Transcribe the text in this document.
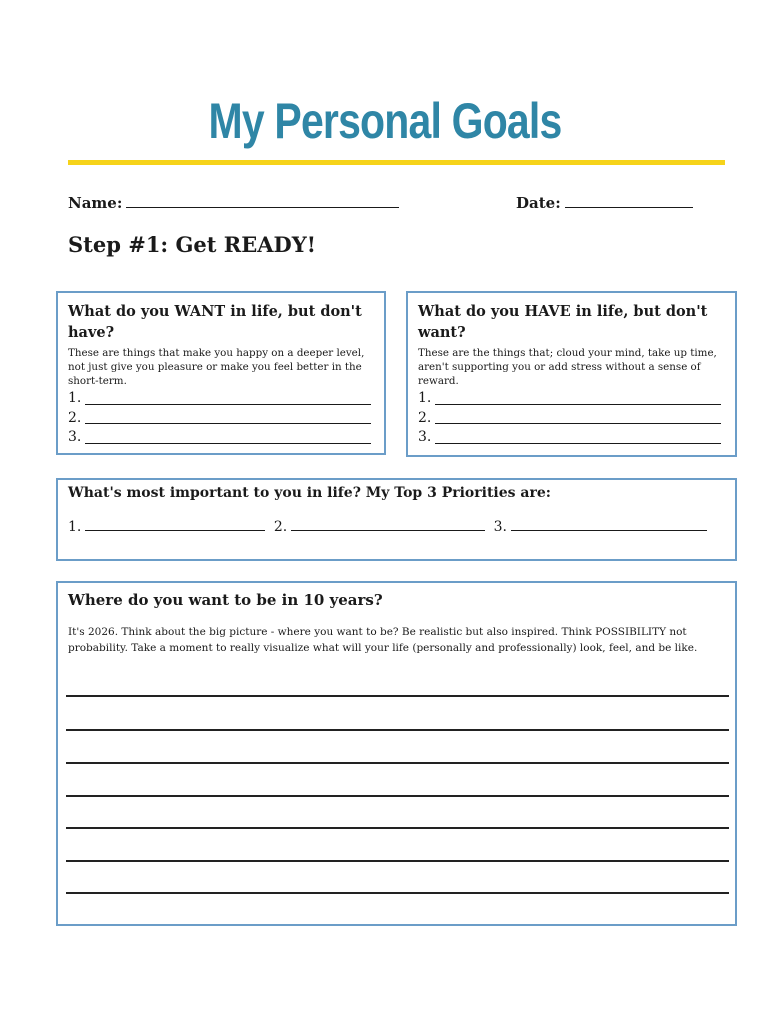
My Personal Goals
Name:	Date:
Step #1: Get READY!
What do you WANT in life, but don't have?
These are things that make you happy on a deeper level, not just give you pleasure or make you feel better in the short-term.
1.
2.
3.
What do you HAVE in life, but don't want?
These are the things that; cloud your mind, take up time, aren't supporting you or add stress without a sense of reward.
1.
2.
3.
What's most important to you in life? My Top 3 Priorities are:
1.	2.	3.
Where do you want to be in 10 years?
It's 2026. Think about the big picture - where you want to be? Be realistic but also inspired. Think POSSIBILITY not probability. Take a moment to really visualize what will your life (personally and professionally) look, feel, and be like.
